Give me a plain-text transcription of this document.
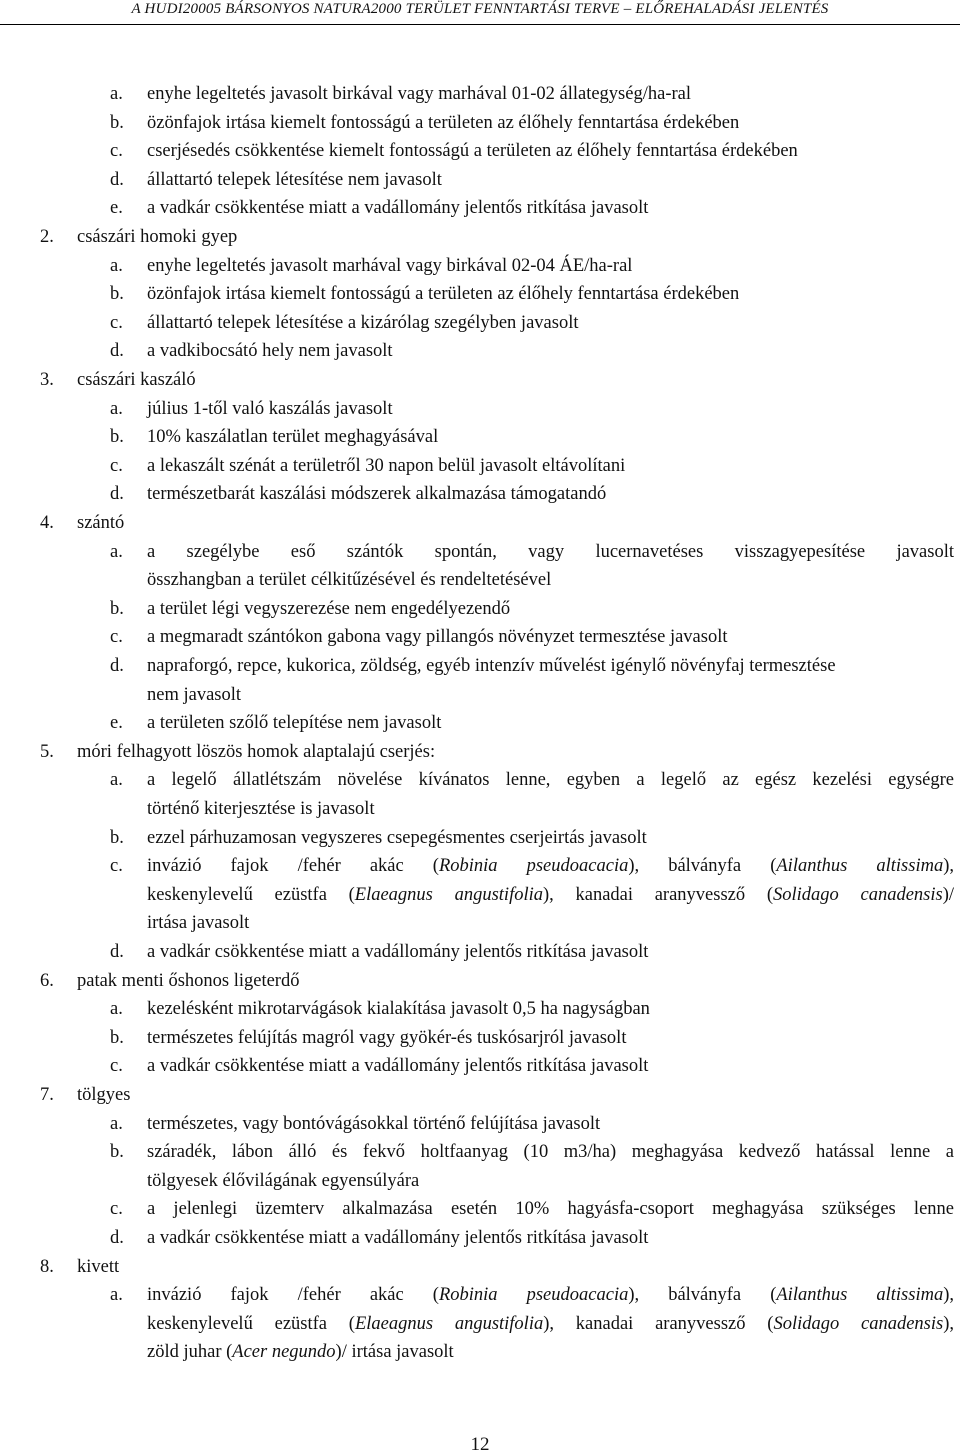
A HUDI20005 BÁRSONYOS NATURA2000 TERÜLET FENNTARTÁSI TERVE – ELŐREHALADÁSI JELENTÉS
a. enyhe legeltetés javasolt birkával vagy marhával 01-02 állategység/ha-ral
b. özönfajok irtása kiemelt fontosságú a területen az élőhely fenntartása érdekében
c. cserjésedés csökkentése kiemelt fontosságú a területen az élőhely fenntartása érdekében
d. állattartó telepek létesítése nem javasolt
e. a vadkár csökkentése miatt a vadállomány jelentős ritkítása javasolt
2. császári homoki gyep
a. enyhe legeltetés javasolt marhával vagy birkával 02-04 ÁE/ha-ral
b. özönfajok irtása kiemelt fontosságú a területen az élőhely fenntartása érdekében
c. állattartó telepek létesítése a kizárólag szegélyben javasolt
d. a vadkibocsátó hely nem javasolt
3. császári kaszáló
a. július 1-től való kaszálás javasolt
b. 10% kaszálatlan terület meghagyásával
c. a lekaszált szénát a területről 30 napon belül javasolt eltávolítani
d. természetbarát kaszálási módszerek alkalmazása támogatandó
4. szántó
a. a szegélybe eső szántók spontán, vagy lucernavetéses visszagyepesítése javasolt
összhangban a terület célkitűzésével és rendeltetésével
b. a terület légi vegyszerezése nem engedélyezendő
c. a megmaradt szántókon gabona vagy pillangós növényzet termesztése javasolt
d. napraforgó, repce, kukorica, zöldség, egyéb intenzív művelést igénylő növényfaj termesztése
nem javasolt
e. a területen szőlő telepítése nem javasolt
5. móri felhagyott löszös homok alaptalajú cserjés:
a. a legelő állatlétszám növelése kívánatos lenne, egyben a legelő az egész kezelési egységre
történő kiterjesztése is javasolt
b. ezzel párhuzamosan vegyszeres csepegésmentes cserjeirtás javasolt
c. invázió fajok /fehér akác (Robinia pseudoacacia), bálványfa (Ailanthus altissima),
keskenylevelű ezüstfa (Elaeagnus angustifolia), kanadai aranyvessző (Solidago canadensis)/
irtása javasolt
d. a vadkár csökkentése miatt a vadállomány jelentős ritkítása javasolt
6. patak menti őshonos ligeterdő
a. kezelésként mikrotarvágások kialakítása javasolt 0,5 ha nagyságban
b. természetes felújítás magról vagy gyökér-és tuskósarjról javasolt
c. a vadkár csökkentése miatt a vadállomány jelentős ritkítása javasolt
7. tölgyes
a. természetes, vagy bontóvágásokkal történő felújítása javasolt
b. száradék, lábon álló és fekvő holtfaanyag (10 m3/ha) meghagyása kedvező hatással lenne a
tölgyesek élővilágának egyensúlyára
c. a jelenlegi üzemterv alkalmazása esetén 10% hagyásfa-csoport meghagyása szükséges lenne
d. a vadkár csökkentése miatt a vadállomány jelentős ritkítása javasolt
8. kivett
a. invázió fajok /fehér akác (Robinia pseudoacacia), bálványfa (Ailanthus altissima),
keskenylevelű ezüstfa (Elaeagnus angustifolia), kanadai aranyvessző (Solidago canadensis),
zöld juhar (Acer negundo)/ irtása javasolt
12
